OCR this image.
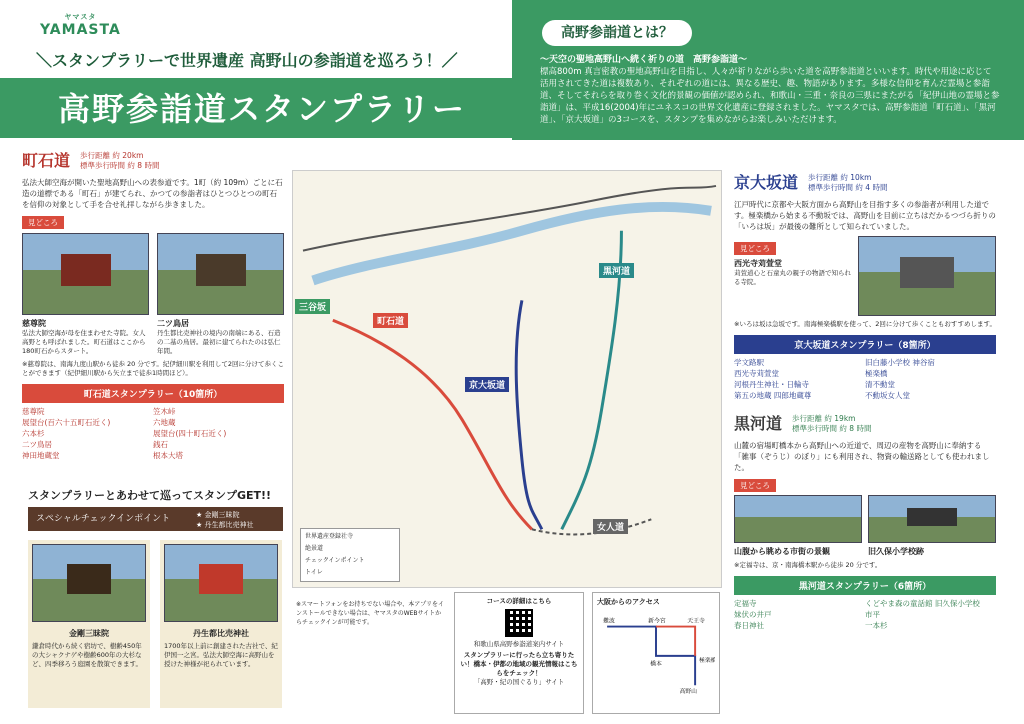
ヤマスタ
YAMASTA
＼スタンプラリーで世界遺産 高野山の参詣道を巡ろう！／
高野参詣道スタンプラリー
高野参詣道とは？
〜天空の聖地高野山へ続く祈りの道　高野参詣道〜
標高800m 真言密教の聖地高野山を目指し、人々が祈りながら歩いた道を高野参詣道といいます。時代や用途に応じて活用されてきた道は複数あり、それぞれの道には、異なる歴史、趣、物語があります。多様な信仰を育んだ霊場と参詣道、そしてそれらを取り巻く文化的景観の価値が認められ、和歌山・三重・奈良の三県にまたがる「紀伊山地の霊場と参詣道」は、平成16(2004)年にユネスコの世界文化遺産に登録されました。ヤマスタでは、高野参詣道「町石道」、「黒河道」、「京大坂道」の3コースを、スタンプを集めながらお楽しみいただけます。
町石道 歩行距離 約 20km
標準歩行時間 約 8 時間
弘法大師空海が開いた聖地高野山への表参道です。1町（約 109m）ごとに石造の道標である「町石」が建てられ、かつての参詣者はひとつひとつの町石を信仰の対象として手を合せ礼拝しながら歩きました。
見どころ
慈尊院
弘法大師空海が母を住まわせた寺院。女人高野とも呼ばれました。町石道はここから180町石からスタート。
二ツ鳥居
丹生都比売神社の境内の南端にある、石造の二基の鳥居。最初に建てられたのは弘仁年間。
※慈尊院は、南海九度山駅から徒歩 20 分です。紀伊細川駅を利用して2回に分けて歩くことができます（紀伊細川駅から矢立まで徒歩1時間ほど）。
町石道スタンプラリー（10箇所）
慈尊院	笠木峠
展望台(百六十五町石近く)	六地蔵
六本杉	展望台(四十町石近く)
二ツ鳥居	銭石
神田地蔵堂	根本大塔
スタンプラリーとあわせて巡ってスタンプGET!!
スペシャルチェックインポイント	★ 金剛三昧院
★ 丹生都比売神社
金剛三昧院
鎌倉時代から続く宿坊で、樹齢450年の大シャクナゲや樹齢600年の大杉など、四季移ろう庭園を散策できます。
丹生都比売神社
1700年以上前に創建された古社で、紀伊国一之宮。弘法大師空海に高野山を授けた神様が祀られています。
町石道
京大坂道
黒河道
三谷坂
女人道
世界遺産登録社寺
絶景道
チェックインポイント
トイレ
※スマートフォンをお持ちでない場合や、本アプリをインストールできない場合は、ヤマスタのWEBサイトからチェックインが可能です。
コースの詳細はこちら
和歌山県高野参詣道案内サイト
スタンプラリーに行ったら立ち寄りたい！橋本・伊都の地域の観光情報はこちらをチェック！
「高野・紀の国ぐるり」サイト
大阪からのアクセス
難波	新今宮	天王寺
橋本
極楽橋
高野山
京大坂道 歩行距離 約 10km
標準歩行時間 約 4 時間
江戸時代に京都や大阪方面から高野山を目指す多くの参詣者が利用した道です。極楽橋から始まる不動坂では、高野山を目前に立ちはだかるつづら折りの「いろは坂」が最後の難所として知られていました。
見どころ
西光寺苅萱堂
苅萱道心と石童丸の親子の物語で知られる寺院。
※いろは坂は急坂です。南海極楽橋駅を使って、2回に分けて歩くこともおすすめします。
京大坂道スタンプラリー（8箇所）
学文路駅	旧白藤小学校 神谷宿
西光寺苅萱堂	極楽橋
河根丹生神社・日輪寺	清不動堂
第五の地蔵 四郎地蔵尊	不動坂女人堂
黒河道 歩行距離 約 19km
標準歩行時間 約 8 時間
山麓の宿場町橋本から高野山への近道で、周辺の産物を高野山に奉納する「雑事（ぞうじ）のぼり」にも利用され、物資の輸送路としても使われました。
見どころ
山腹から眺める市街の景観	旧久保小学校跡
※定福寺は、京・南海橋本駅から徒歩 20 分です。
黒河道スタンプラリー（6箇所）
定福寺	くどやま森の童話館 旧久保小学校
妹伏の井戸	市平
春日神社	一本杉
